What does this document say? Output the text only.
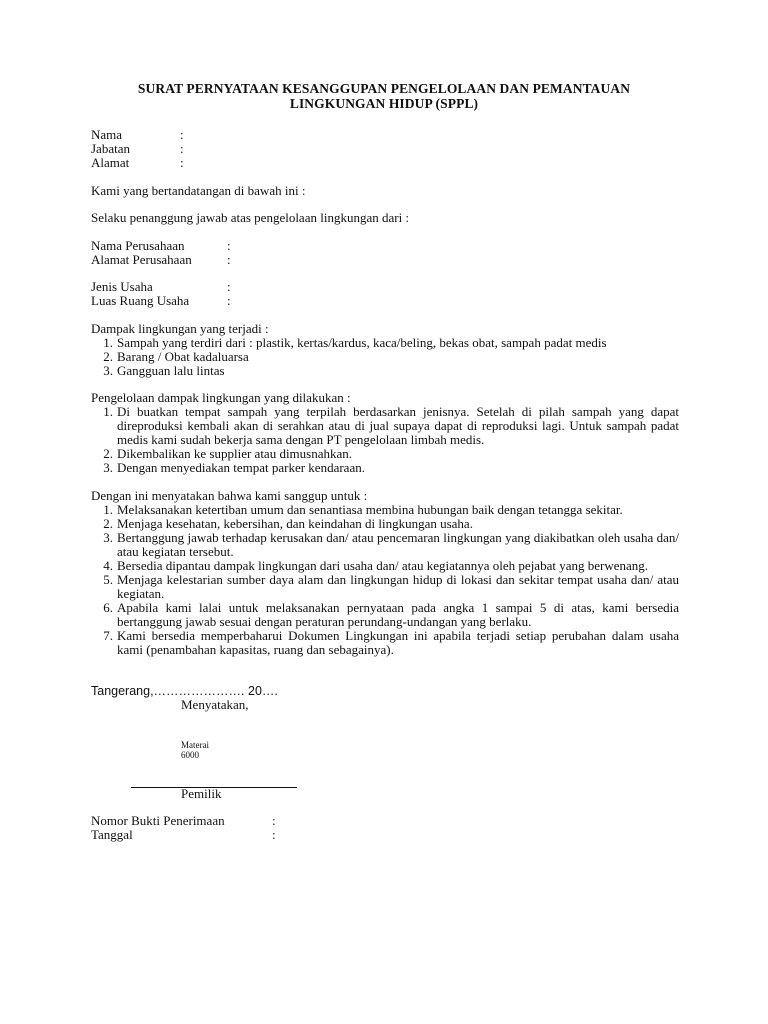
SURAT PERNYATAAN KESANGGUPAN PENGELOLAAN DAN PEMANTAUAN
LINGKUNGAN HIDUP (SPPL)
Nama	:
Jabatan	:
Alamat	:
Kami yang bertandatangan di bawah ini :
Selaku penanggung jawab atas pengelolaan lingkungan dari :
Nama Perusahaan	:
Alamat Perusahaan	:
Jenis Usaha	:
Luas Ruang Usaha	:
Dampak lingkungan yang terjadi :
1. Sampah yang terdiri dari : plastik, kertas/kardus, kaca/beling, bekas obat, sampah padat medis
2. Barang / Obat kadaluarsa
3. Gangguan lalu lintas
Pengelolaan dampak lingkungan yang dilakukan :
1. Di buatkan tempat sampah yang terpilah berdasarkan jenisnya. Setelah di pilah sampah yang dapat direproduksi kembali akan di serahkan atau di jual supaya dapat di reproduksi lagi. Untuk sampah padat medis kami sudah bekerja sama dengan PT pengelolaan limbah medis.
2. Dikembalikan ke supplier atau dimusnahkan.
3. Dengan menyediakan tempat parker kendaraan.
Dengan ini menyatakan bahwa kami sanggup untuk :
1. Melaksanakan ketertiban umum dan senantiasa membina hubungan baik dengan tetangga sekitar.
2. Menjaga kesehatan, kebersihan, dan keindahan di lingkungan usaha.
3. Bertanggung jawab terhadap kerusakan dan/ atau pencemaran lingkungan yang diakibatkan oleh usaha dan/ atau kegiatan tersebut.
4. Bersedia dipantau dampak lingkungan dari usaha dan/ atau kegiatannya oleh pejabat yang berwenang.
5. Menjaga kelestarian sumber daya alam dan lingkungan hidup di lokasi dan sekitar tempat usaha dan/ atau kegiatan.
6. Apabila kami lalai untuk melaksanakan pernyataan pada angka 1 sampai 5 di atas, kami bersedia bertanggung jawab sesuai dengan peraturan perundang-undangan yang berlaku.
7. Kami bersedia memperbaharui Dokumen Lingkungan ini apabila terjadi setiap perubahan dalam usaha kami (penambahan kapasitas, ruang dan sebagainya).
Tangerang,…………………. 20….
Menyatakan,
Materai
6000
Pemilik
Nomor Bukti Penerimaan	:
Tanggal	:
